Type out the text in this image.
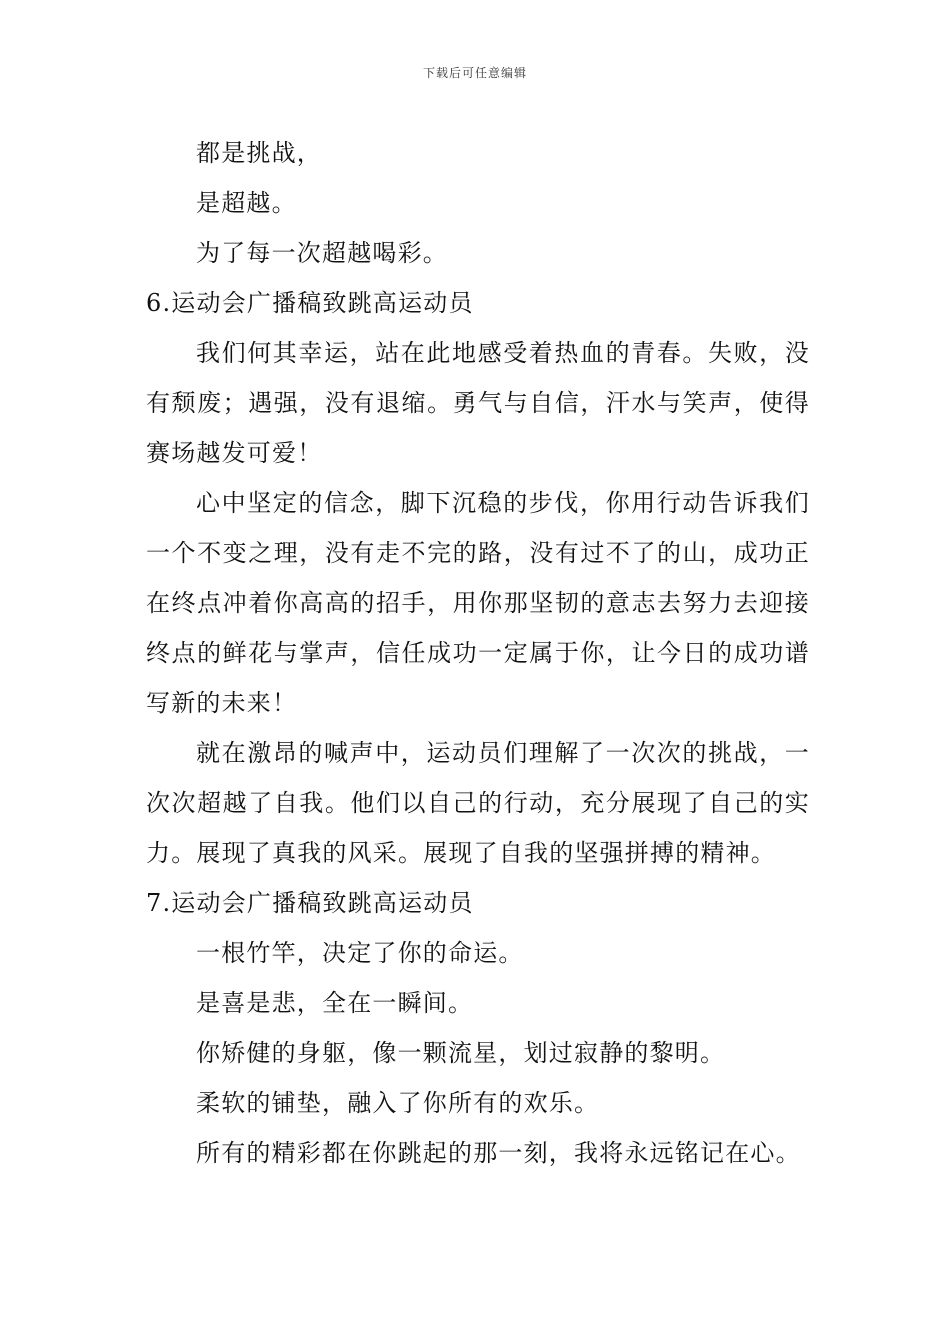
下载后可任意编辑
都是挑战，
是超越。
为了每一次超越喝彩。
6.运动会广播稿致跳高运动员
我们何其幸运，站在此地感受着热血的青春。失败，没有颓废；遇强，没有退缩。勇气与自信，汗水与笑声，使得赛场越发可爱！
心中坚定的信念，脚下沉稳的步伐，你用行动告诉我们一个不变之理，没有走不完的路，没有过不了的山，成功正在终点冲着你高高的招手，用你那坚韧的意志去努力去迎接终点的鲜花与掌声，信任成功一定属于你，让今日的成功谱写新的未来！
就在激昂的喊声中，运动员们理解了一次次的挑战，一次次超越了自我。他们以自己的行动，充分展现了自己的实力。展现了真我的风采。展现了自我的坚强拼搏的精神。
7.运动会广播稿致跳高运动员
一根竹竿，决定了你的命运。
是喜是悲，全在一瞬间。
你矫健的身躯，像一颗流星，划过寂静的黎明。
柔软的铺垫，融入了你所有的欢乐。
所有的精彩都在你跳起的那一刻，我将永远铭记在心。
